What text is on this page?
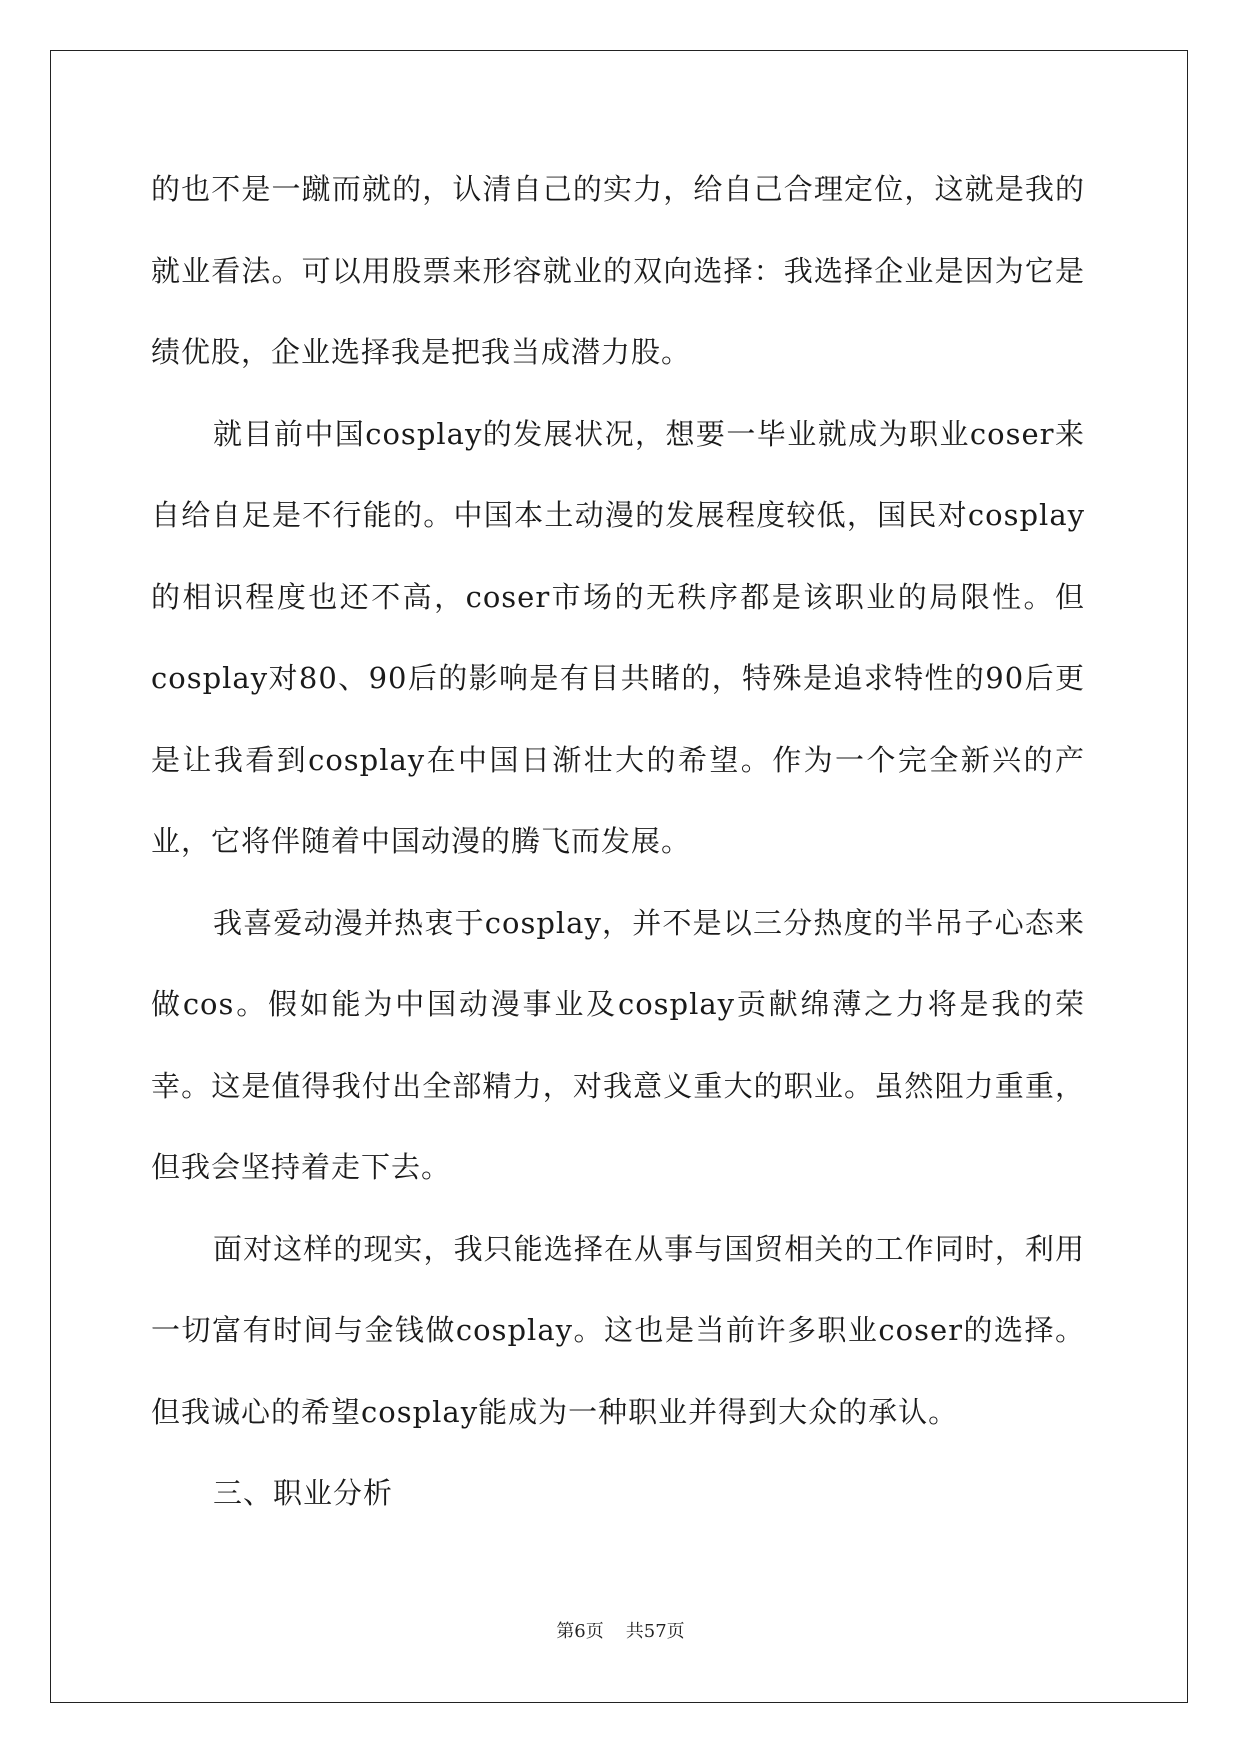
的也不是一蹴而就的，认清自己的实力，给自己合理定位，这就是我的就业看法。可以用股票来形容就业的双向选择：我选择企业是因为它是绩优股，企业选择我是把我当成潜力股。

就目前中国cosplay的发展状况，想要一毕业就成为职业coser来自给自足是不行能的。中国本土动漫的发展程度较低，国民对cosplay的相识程度也还不高，coser市场的无秩序都是该职业的局限性。但cosplay对80、90后的影响是有目共睹的，特殊是追求特性的90后更是让我看到cosplay在中国日渐壮大的希望。作为一个完全新兴的产业，它将伴随着中国动漫的腾飞而发展。

我喜爱动漫并热衷于cosplay，并不是以三分热度的半吊子心态来做cos。假如能为中国动漫事业及cosplay贡献绵薄之力将是我的荣幸。这是值得我付出全部精力，对我意义重大的职业。虽然阻力重重，但我会坚持着走下去。

面对这样的现实，我只能选择在从事与国贸相关的工作同时，利用一切富有时间与金钱做cosplay。这也是当前许多职业coser的选择。但我诚心的希望cosplay能成为一种职业并得到大众的承认。

三、职业分析

第6页 共57页
